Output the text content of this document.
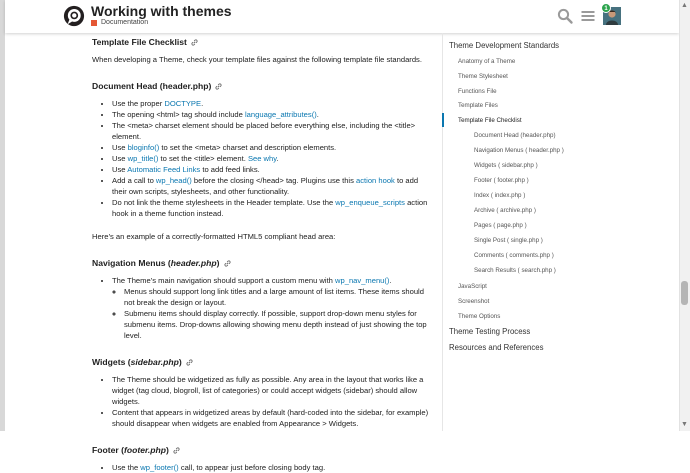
Working with themes
Documentation
1
Template File Checklist

When developing a Theme, check your template files against the following template file standards.

Document Head (header.php)
• Use the proper DOCTYPE.
• The opening <html> tag should include language_attributes().
• The <meta> charset element should be placed before everything else, including the <title> element.
• Use bloginfo() to set the <meta> charset and description elements.
• Use wp_title() to set the <title> element. See why.
• Use Automatic Feed Links to add feed links.
• Add a call to wp_head() before the closing </head> tag. Plugins use this action hook to add their own scripts, stylesheets, and other functionality.
• Do not link the theme stylesheets in the Header template. Use the wp_enqueue_scripts action hook in a theme function instead.

Here’s an example of a correctly-formatted HTML5 compliant head area:

Navigation Menus ( header.php )
• The Theme’s main navigation should support a custom menu with wp_nav_menu().
◦ Menus should support long link titles and a large amount of list items. These items should not break the design or layout.
◦ Submenu items should display correctly. If possible, support drop-down menu styles for submenu items. Drop-downs allowing showing menu depth instead of just showing the top level.
Widgets ( sidebar.php )
• The Theme should be widgetized as fully as possible. Any area in the layout that works like a widget (tag cloud, blogroll, list of categories) or could accept widgets (sidebar) should allow widgets.
• Content that appears in widgetized areas by default (hard-coded into the sidebar, for example) should disappear when widgets are enabled from Appearance > Widgets.
Footer ( footer.php )
• Use the wp_footer() call, to appear just before closing body tag.
Theme Development Standards
Anatomy of a Theme
Theme Stylesheet
Functions File
Template Files
Template File Checklist
Document Head (header.php)
Navigation Menus ( header.php )
Widgets ( sidebar.php )
Footer ( footer.php )
Index ( index.php )
Archive ( archive.php )
Pages ( page.php )
Single Post ( single.php )
Comments ( comments.php )
Search Results ( search.php )
JavaScript
Screenshot
Theme Options
Theme Testing Process
Resources and References
▲
▼
